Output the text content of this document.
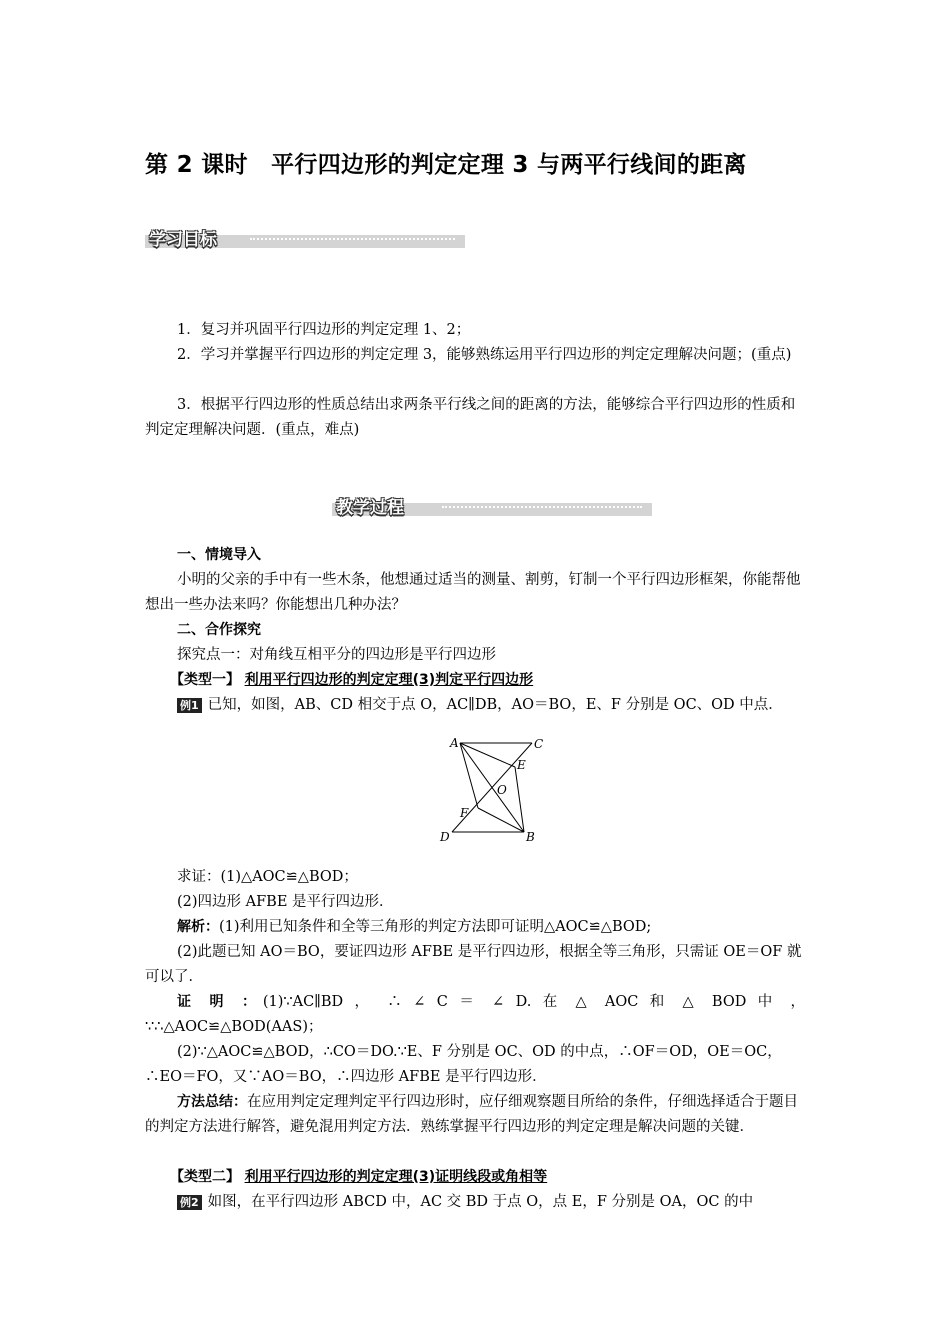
第 2 课时　平行四边形的判定定理 3 与两平行线间的距离
学习目标
1．复习并巩固平行四边形的判定定理 1、2；
2．学习并掌握平行四边形的判定定理 3，能够熟练运用平行四边形的判定定理解决问题；(重点)
3．根据平行四边形的性质总结出求两条平行线之间的距离的方法，能够综合平行四边形的性质和判定定理解决问题．(重点，难点)
教学过程
一、情境导入
小明的父亲的手中有一些木条，他想通过适当的测量、割剪，钉制一个平行四边形框架，你能帮他想出一些办法来吗？你能想出几种办法？
二、合作探究
探究点一：对角线互相平分的四边形是平行四边形
【类型一】 利用平行四边形的判定定理(3)判定平行四边形
例1 已知，如图，AB、CD 相交于点 O，AC∥DB，AO＝BO，E、F 分别是 OC、OD 中点．
A	C
E
O
F
D	B
求证：(1)△AOC≌△BOD；
(2)四边形 AFBE 是平行四边形．
解析：(1)利用已知条件和全等三角形的判定方法即可证明△AOC≌△BOD;
(2)此题已知 AO＝BO，要证四边形 AFBE 是平行四边形，根据全等三角形，只需证 OE＝OF 就可以了．
证 明 ：(1)∵AC∥BD ， ∴ ∠ C ＝ ∠ D. 在 △ AOC 和 △ BOD 中 ，
∵∴△AOC≌△BOD(AAS)；
(2)∵△AOC≌△BOD，∴CO＝DO.∵E、F 分别是 OC、OD 的中点，∴OF＝OD，OE＝OC，∴EO＝FO，又∵AO＝BO，∴四边形 AFBE 是平行四边形．
方法总结：在应用判定定理判定平行四边形时，应仔细观察题目所给的条件，仔细选择适合于题目的判定方法进行解答，避免混用判定方法．熟练掌握平行四边形的判定定理是解决问题的关键．
【类型二】 利用平行四边形的判定定理(3)证明线段或角相等
例2 如图，在平行四边形 ABCD 中，AC 交 BD 于点 O，点 E，F 分别是 OA，OC 的中
